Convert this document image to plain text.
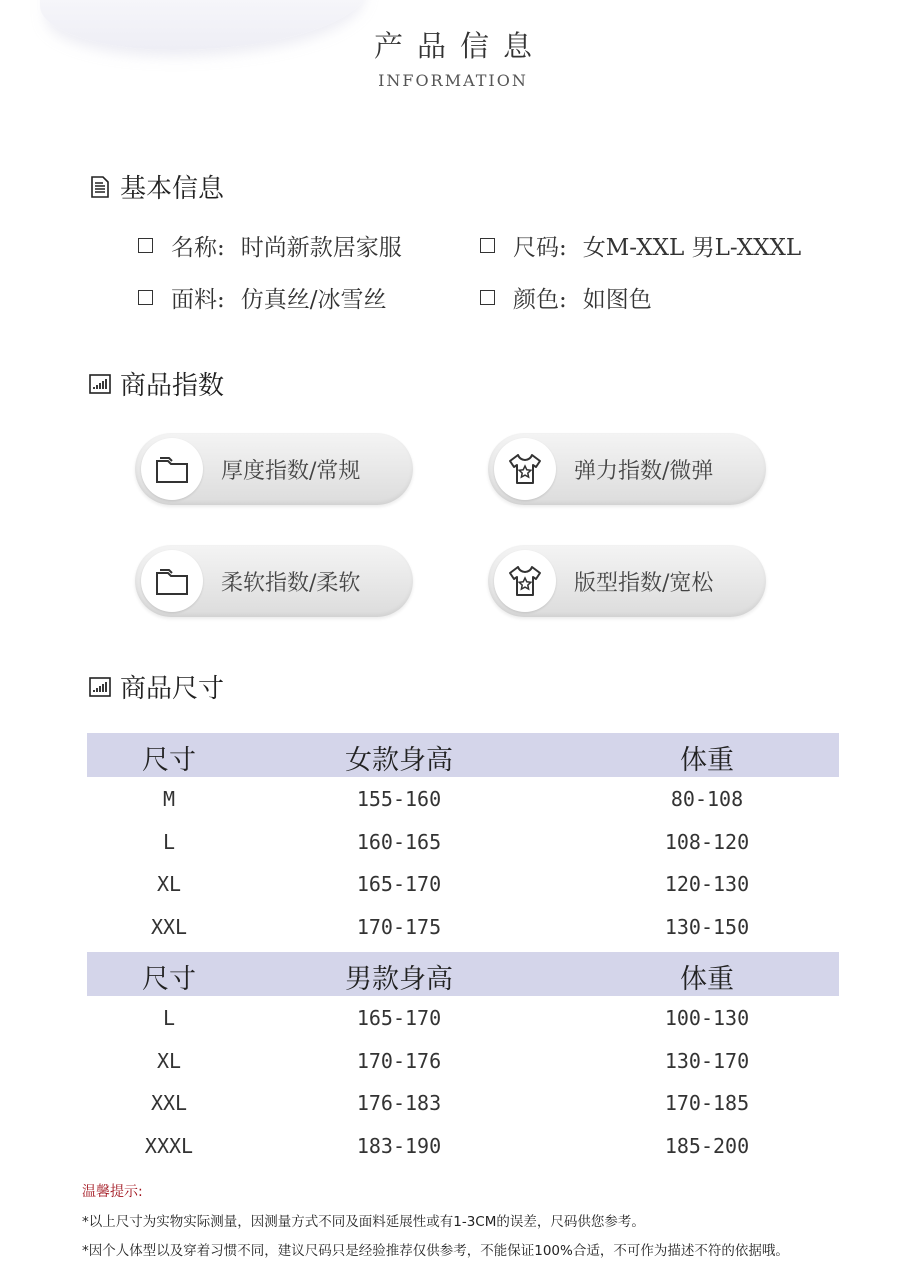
产品信息
INFORMATION
基本信息
名称: 时尚新款居家服	尺码: 女M-XXL 男L-XXXL
面料: 仿真丝/冰雪丝	颜色: 如图色
商品指数
厚度指数/常规	弹力指数/微弹
柔软指数/柔软	版型指数/宽松
商品尺寸
尺寸	女款身高	体重
M	155-160	80-108
L	160-165	108-120
XL	165-170	120-130
XXL	170-175	130-150
尺寸	男款身高	体重
L	165-170	100-130
XL	170-176	130-170
XXL	176-183	170-185
XXXL	183-190	185-200
温馨提示:
*以上尺寸为实物实际测量，因测量方式不同及面料延展性或有1-3CM的误差，尺码供您参考。
*因个人体型以及穿着习惯不同，建议尺码只是经验推荐仅供参考，不能保证100%合适，不可作为描述不符的依据哦。
